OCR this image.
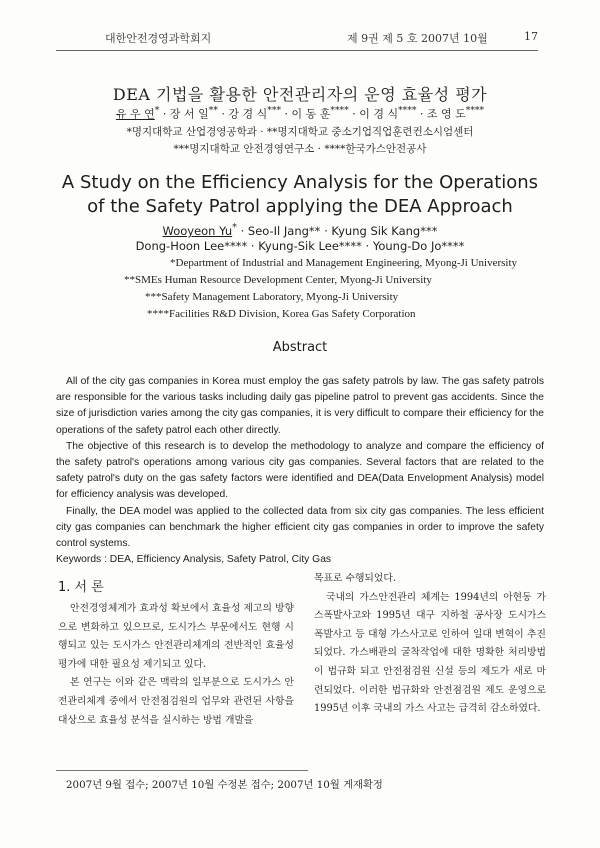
대한안전경영과학회지	제 9권 제 5 호 2007년 10월	17
DEA 기법을 활용한 안전관리자의 운영 효율성 평가
유 우 연* · 장 서 일** · 강 경 식*** · 이 동 훈**** · 이 경 식**** · 조 영 도****
*명지대학교 산업경영공학과 · **명지대학교 중소기업직업훈련컨소시엄센터
***명지대학교 안전경영연구소 · ****한국가스안전공사
A Study on the Efficiency Analysis for the Operations
of the Safety Patrol applying the DEA Approach
Wooyeon Yu* · Seo-Il Jang** · Kyung Sik Kang***
Dong-Hoon Lee**** · Kyung-Sik Lee**** · Young-Do Jo****
*Department of Industrial and Management Engineering, Myong-Ji University
**SMEs Human Resource Development Center, Myong-Ji University
***Safety Management Laboratory, Myong-Ji University
****Facilities R&D Division, Korea Gas Safety Corporation
Abstract

All of the city gas companies in Korea must employ the gas safety patrols by law. The gas safety patrols are responsible for the various tasks including daily gas pipeline patrol to prevent gas accidents. Since the size of jurisdiction varies among the city gas companies, it is very difficult to compare their efficiency for the operations of the safety patrol each other directly.

The objective of this research is to develop the methodology to analyze and compare the efficiency of the safety patrol's operations among various city gas companies. Several factors that are related to the safety patrol's duty on the gas safety factors were identified and DEA(Data Envelopment Analysis) model for efficiency analysis was developed.

Finally, the DEA model was applied to the collected data from six city gas companies. The less efficient city gas companies can benchmark the higher efficient city gas companies in order to improve the safety control systems.

Keywords : DEA, Efficiency Analysis, Safety Patrol, City Gas

1. 서 론

안전경영체계가 효과성 확보에서 효율성 제고의 방향으로 변화하고 있으므로, 도시가스 부문에서도 현행 시행되고 있는 도시가스 안전관리체계의 전반적인 효율성 평가에 대한 필요성 제기되고 있다.

본 연구는 이와 같은 맥락의 일부분으로 도시가스 안전관리체계 중에서 안전점검원의 업무와 관련된 사항을 대상으로 효율성 분석을 실시하는 방법 개발을

목표로 수행되었다.

국내의 가스안전관리 체계는 1994년의 아현동 가스폭발사고와 1995년 대구 지하철 공사장 도시가스 폭발사고 등 대형 가스사고로 인하여 일대 변혁이 추진되었다. 가스배관의 굴착작업에 대한 명확한 처리방법이 법규화 되고 안전점검원 신설 등의 제도가 새로 마련되었다. 이러한 법규화와 안전점검원 제도 운영으로 1995년 이후 국내의 가스 사고는 급격히 감소하였다.

2007년 9월 접수; 2007년 10월 수정본 접수; 2007년 10월 게재확정
